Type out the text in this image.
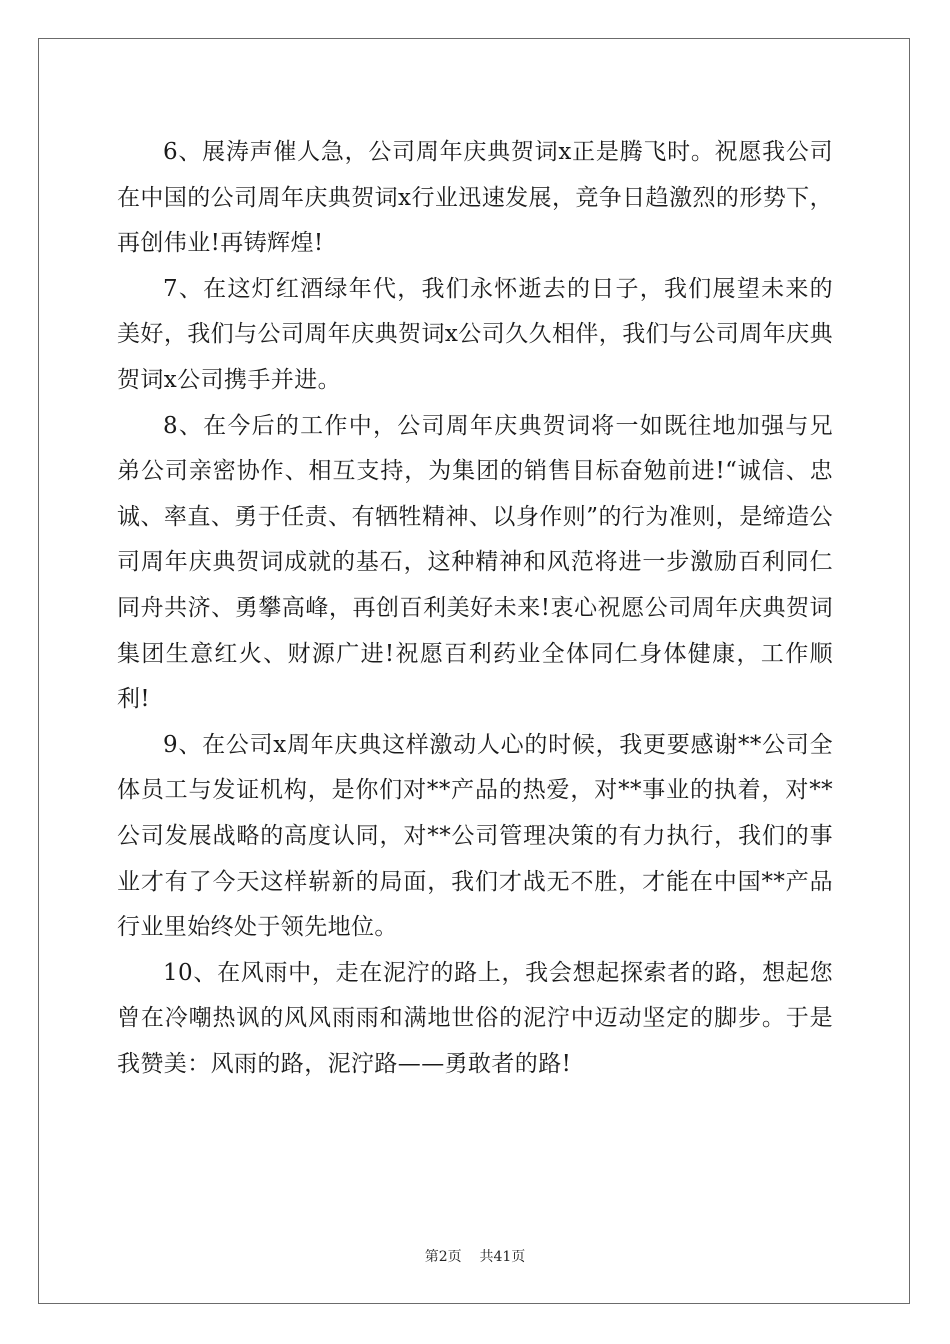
6、展涛声催人急，公司周年庆典贺词x正是腾飞时。祝愿我公司在中国的公司周年庆典贺词x行业迅速发展，竞争日趋激烈的形势下，再创伟业!再铸辉煌!

7、在这灯红酒绿年代，我们永怀逝去的日子，我们展望未来的美好，我们与公司周年庆典贺词x公司久久相伴，我们与公司周年庆典贺词x公司携手并进。

8、在今后的工作中，公司周年庆典贺词将一如既往地加强与兄弟公司亲密协作、相互支持，为集团的销售目标奋勉前进!“诚信、忠诚、率直、勇于任责、有牺牲精神、以身作则”的行为准则，是缔造公司周年庆典贺词成就的基石，这种精神和风范将进一步激励百利同仁同舟共济、勇攀高峰，再创百利美好未来!衷心祝愿公司周年庆典贺词集团生意红火、财源广进!祝愿百利药业全体同仁身体健康，工作顺利!

9、在公司x周年庆典这样激动人心的时候，我更要感谢**公司全体员工与发证机构，是你们对**产品的热爱，对**事业的执着，对**公司发展战略的高度认同，对**公司管理决策的有力执行，我们的事业才有了今天这样崭新的局面，我们才战无不胜，才能在中国**产品行业里始终处于领先地位。

10、在风雨中，走在泥泞的路上，我会想起探索者的路，想起您曾在冷嘲热讽的风风雨雨和满地世俗的泥泞中迈动坚定的脚步。于是我赞美：风雨的路，泥泞路——勇敢者的路!

第2页 共41页
